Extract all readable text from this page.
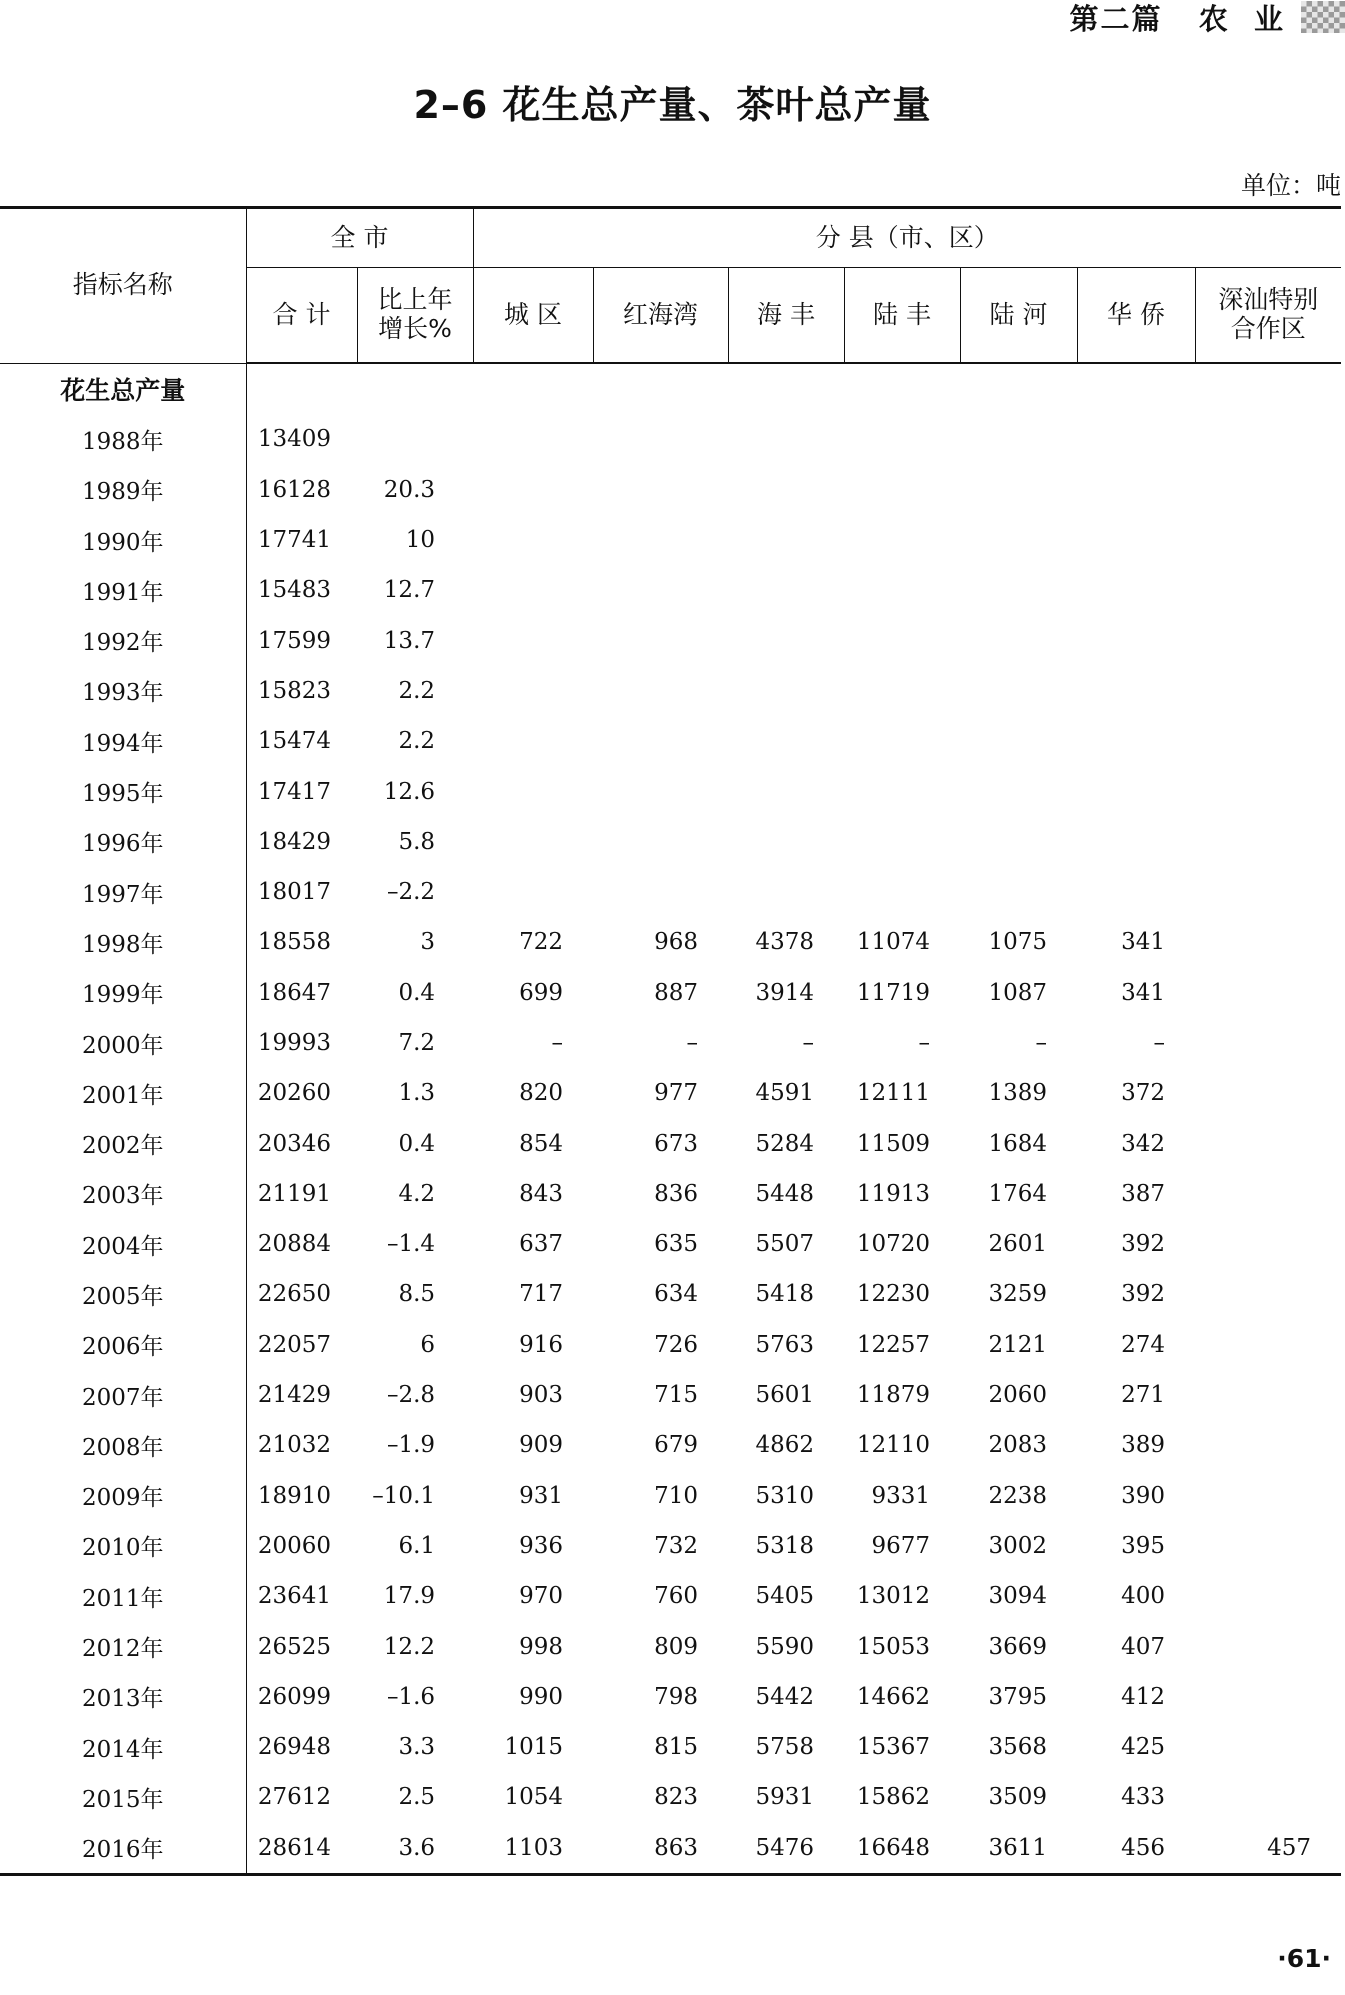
第二篇   农  业
2–6 花生总产量、茶叶总产量
单位：吨
指标名称	全 市		分 县（市、区）						
	合 计	比上年
增长%	城 区	红海湾	海 丰	陆 丰	陆 河	华 侨	深汕特别
合作区
花生总产量									
1988年	13409								
1989年	16128	20.3							
1990年	17741	10							
1991年	15483	12.7							
1992年	17599	13.7							
1993年	15823	2.2							
1994年	15474	2.2							
1995年	17417	12.6							
1996年	18429	5.8							
1997年	18017	–2.2							
1998年	18558	3	722	968	4378	11074	1075	341	
1999年	18647	0.4	699	887	3914	11719	1087	341	
2000年	19993	7.2	–	–	–	–	–	–	
2001年	20260	1.3	820	977	4591	12111	1389	372	
2002年	20346	0.4	854	673	5284	11509	1684	342	
2003年	21191	4.2	843	836	5448	11913	1764	387	
2004年	20884	–1.4	637	635	5507	10720	2601	392	
2005年	22650	8.5	717	634	5418	12230	3259	392	
2006年	22057	6	916	726	5763	12257	2121	274	
2007年	21429	–2.8	903	715	5601	11879	2060	271	
2008年	21032	–1.9	909	679	4862	12110	2083	389	
2009年	18910	–10.1	931	710	5310	9331	2238	390	
2010年	20060	6.1	936	732	5318	9677	3002	395	
2011年	23641	17.9	970	760	5405	13012	3094	400	
2012年	26525	12.2	998	809	5590	15053	3669	407	
2013年	26099	–1.6	990	798	5442	14662	3795	412	
2014年	26948	3.3	1015	815	5758	15367	3568	425	
2015年	27612	2.5	1054	823	5931	15862	3509	433	
2016年	28614	3.6	1103	863	5476	16648	3611	456	457
·61·
